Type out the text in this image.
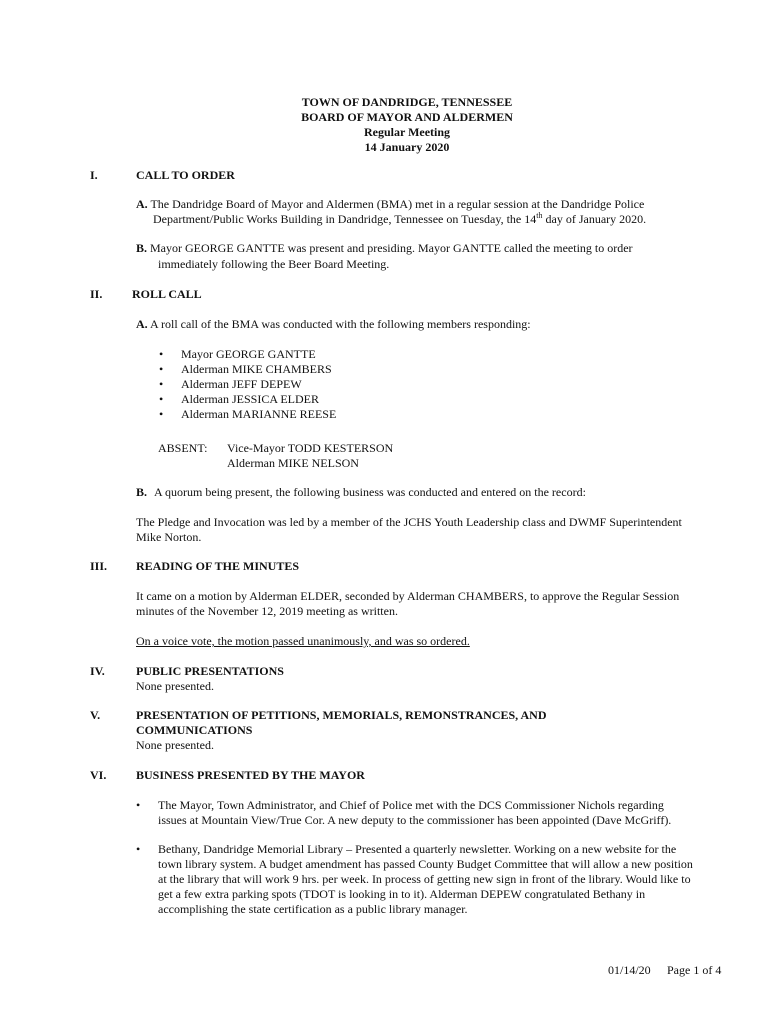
TOWN OF DANDRIDGE, TENNESSEE
BOARD OF MAYOR AND ALDERMEN
Regular Meeting
14 January 2020
I.	CALL TO ORDER
A. The Dandridge Board of Mayor and Aldermen (BMA) met in a regular session at the Dandridge Police
Department/Public Works Building in Dandridge, Tennessee on Tuesday, the 14th day of January 2020.
B. Mayor GEORGE GANTTE was present and presiding. Mayor GANTTE called the meeting to order
immediately following the Beer Board Meeting.
II. ROLL CALL
A. A roll call of the BMA was conducted with the following members responding:
• Mayor GEORGE GANTTE
• Alderman MIKE CHAMBERS
• Alderman JEFF DEPEW
• Alderman JESSICA ELDER
• Alderman MARIANNE REESE
ABSENT: Vice-Mayor TODD KESTERSON
Alderman MIKE NELSON
B. A quorum being present, the following business was conducted and entered on the record:
The Pledge and Invocation was led by a member of the JCHS Youth Leadership class and DWMF Superintendent
Mike Norton.
III. READING OF THE MINUTES
It came on a motion by Alderman ELDER, seconded by Alderman CHAMBERS, to approve the Regular Session
minutes of the November 12, 2019 meeting as written.
On a voice vote, the motion passed unanimously, and was so ordered.
IV.	PUBLIC PRESENTATIONS
None presented.
V.	PRESENTATION OF PETITIONS, MEMORIALS, REMONSTRANCES, AND
COMMUNICATIONS
None presented.
VI. BUSINESS PRESENTED BY THE MAYOR
• The Mayor, Town Administrator, and Chief of Police met with the DCS Commissioner Nichols regarding
issues at Mountain View/True Cor. A new deputy to the commissioner has been appointed (Dave McGriff).
• Bethany, Dandridge Memorial Library – Presented a quarterly newsletter. Working on a new website for the
town library system. A budget amendment has passed County Budget Committee that will allow a new position
at the library that will work 9 hrs. per week. In process of getting new sign in front of the library. Would like to
get a few extra parking spots (TDOT is looking in to it). Alderman DEPEW congratulated Bethany in
accomplishing the state certification as a public library manager.
01/14/20 Page 1 of 4
